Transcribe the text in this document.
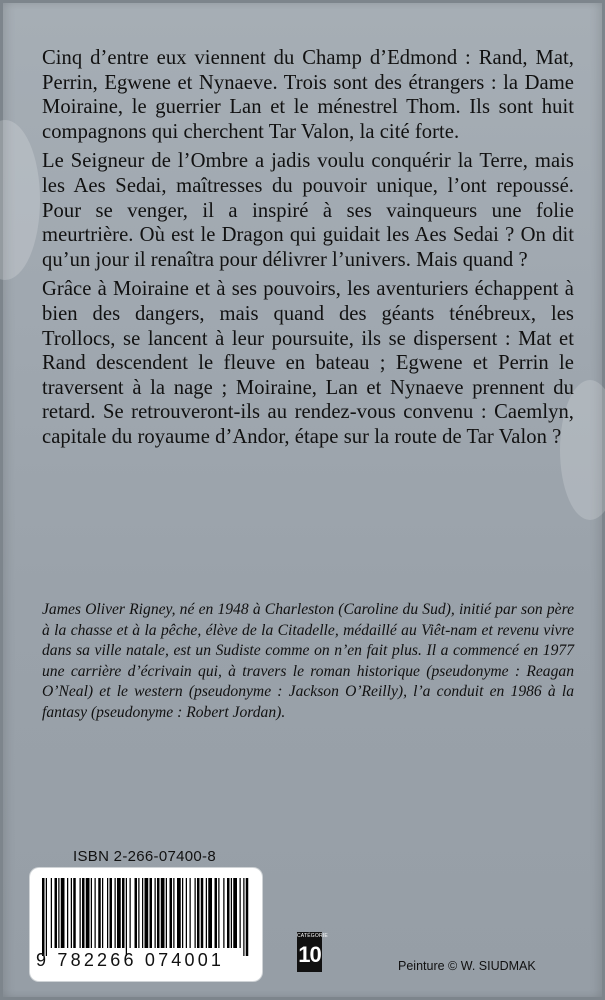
Cinq d’entre eux viennent du Champ d’Edmond : Rand, Mat, Perrin, Egwene et Nynaeve. Trois sont des étrangers : la Dame Moiraine, le guerrier Lan et le ménestrel Thom. Ils sont huit compagnons qui cherchent Tar Valon, la cité forte.

Le Seigneur de l’Ombre a jadis voulu conquérir la Terre, mais les Aes Sedai, maîtresses du pouvoir unique, l’ont repoussé. Pour se venger, il a inspiré à ses vainqueurs une folie meurtrière. Où est le Dragon qui guidait les Aes Sedai ? On dit qu’un jour il renaîtra pour délivrer l’univers. Mais quand ?

Grâce à Moiraine et à ses pouvoirs, les aventuriers échappent à bien des dangers, mais quand des géants ténébreux, les Trollocs, se lancent à leur poursuite, ils se dispersent : Mat et Rand descendent le fleuve en bateau ; Egwene et Perrin le traversent à la nage ; Moiraine, Lan et Nynaeve prennent du retard. Se retrouveront-ils au rendez-vous convenu : Caemlyn, capitale du royaume d’Andor, étape sur la route de Tar Valon ?

James Oliver Rigney, né en 1948 à Charleston (Caroline du Sud), initié par son père à la chasse et à la pêche, élève de la Citadelle, médaillé au Viêt-nam et revenu vivre dans sa ville natale, est un Sudiste comme on n’en fait plus. Il a commencé en 1977 une carrière d’écrivain qui, à travers le roman historique (pseudonyme : Reagan O’Neal) et le western (pseudonyme : Jackson O’Reilly), l’a conduit en 1986 à la fantasy (pseudonyme : Robert Jordan).

ISBN 2-266-07400-8
9 782266 074001
CATÉGORIE
10	Peinture © W. SIUDMAK
